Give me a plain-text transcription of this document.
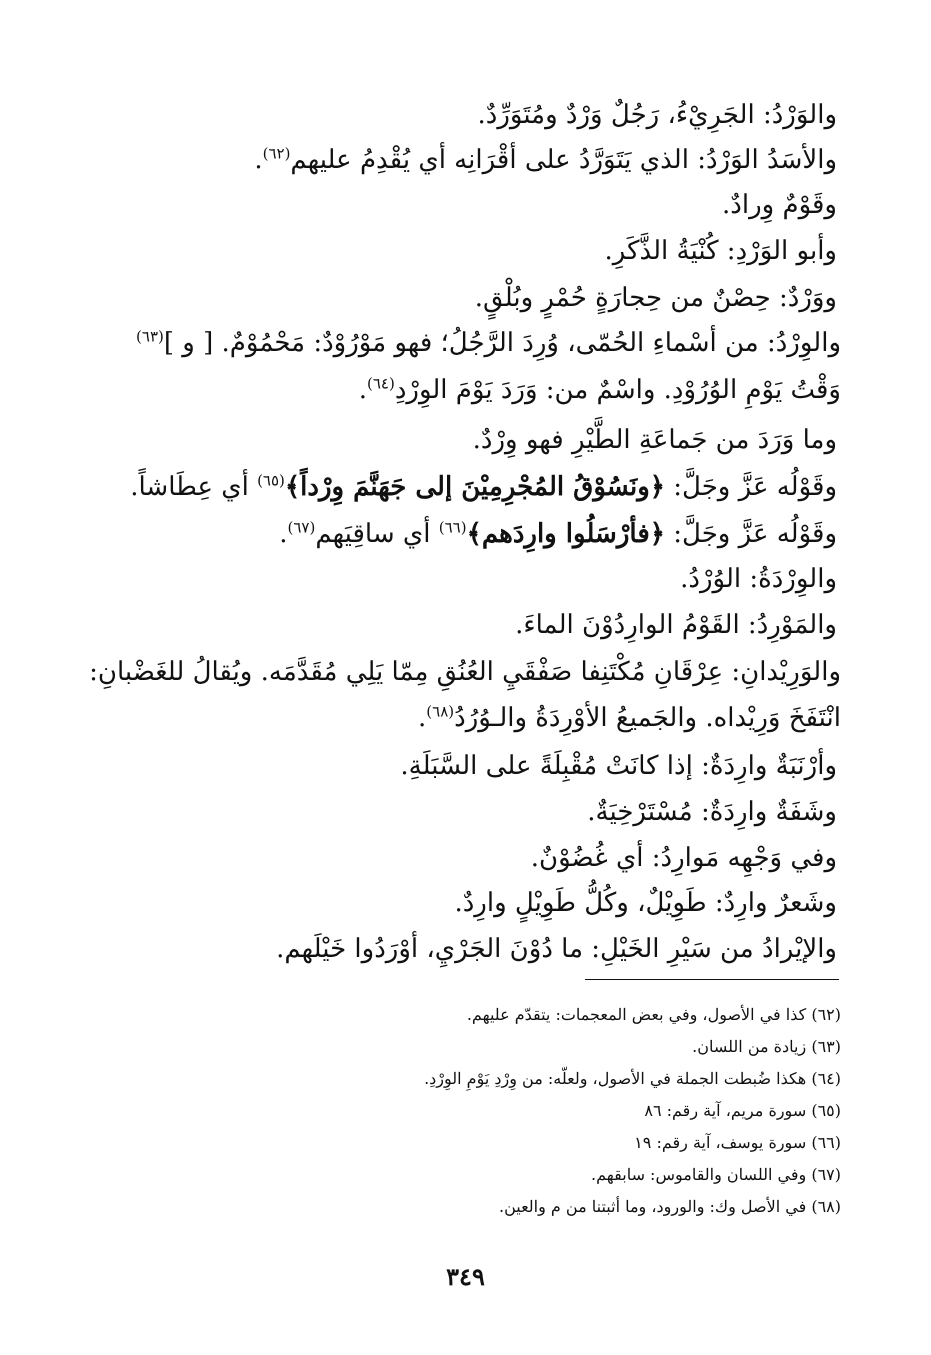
والوَرْدُ: الجَرِيْءُ، رَجُلٌ وَرْدٌ ومُتَوَرِّدٌ.
والأسَدُ الوَرْدُ: الذي يَتَوَرَّدُ على أقْرَانِه أي يُقْدِمُ عليهم$^{(٦٢)}$.
وقَوْمٌ وِرادٌ.
وأبو الوَرْدِ: كُنْيَةُ الذَّكَرِ.
ووَرْدٌ: حِصْنٌ من حِجارَةٍ حُمْرٍ وبُلْقٍ.
والوِرْدُ: من أسْماءِ الحُمّى، وُرِدَ الرَّجُلُ؛ فهو مَوْرُوْدٌ: مَحْمُوْمٌ. [ و ]$^{(٦٣)}$
وَقْتُ يَوْمِ الوُرُوْدِ. واسْمٌ من: وَرَدَ يَوْمَ الوِرْدِ$^{(٦٤)}$.
وما وَرَدَ من جَماعَةِ الطَّيْرِ فهو وِرْدٌ.
وقَوْلُه عَزَّ وجَلَّ: ﴿ونَسُوْقُ المُجْرِمِيْنَ إلى جَهَنَّمَ وِرْداً﴾$^{(٦٥)}$ أي عِطَاشاً.
وقَوْلُه عَزَّ وجَلَّ: ﴿فأرْسَلُوا وارِدَهم﴾$^{(٦٦)}$ أي ساقِيَهم$^{(٦٧)}$.
والوِرْدَةُ: الوُرْدُ.
والمَوْرِدُ: القَوْمُ الوارِدُوْنَ الماءَ.
والوَرِيْدانِ: عِرْقَانِ مُكْتَنِفا صَفْقَيِ العُنُقِ مِمّا يَلِي مُقَدَّمَه. ويُقالُ للغَضْبانِ:
انْتَفَخَ وَرِيْداه. والجَميعُ الأوْرِدَةُ والـوُرُدُ$^{(٦٨)}$.
وأرْنَبَةٌ وارِدَةٌ: إذا كانَتْ مُقْبِلَةً على السَّبَلَةِ.
وشَفَةٌ وارِدَةٌ: مُسْتَرْخِيَةٌ.
وفي وَجْهِه مَوارِدُ: أي غُضُوْنٌ.
وشَعرٌ وارِدٌ: طَوِيْلٌ، وكُلُّ طَوِيْلٍ وارِدٌ.
والإيْرادُ من سَيْرِ الخَيْلِ: ما دُوْنَ الجَرْيِ، أوْرَدُوا خَيْلَهم.
(٦٢) كذا في الأصول، وفي بعض المعجمات: يتقدّم عليهم.
(٦٣) زيادة من اللسان.
(٦٤) هكذا ضُبطت الجملة في الأصول، ولعلّه: من وِرْدِ يَوْمِ الوِرْدِ.
(٦٥) سورة مريم، آية رقم: ٨٦
(٦٦) سورة يوسف، آية رقم: ١٩
(٦٧) وفي اللسان والقاموس: سابقهم.
(٦٨) في الأصل وك: والورود، وما أثبتنا من م والعين.
٣٤٩
